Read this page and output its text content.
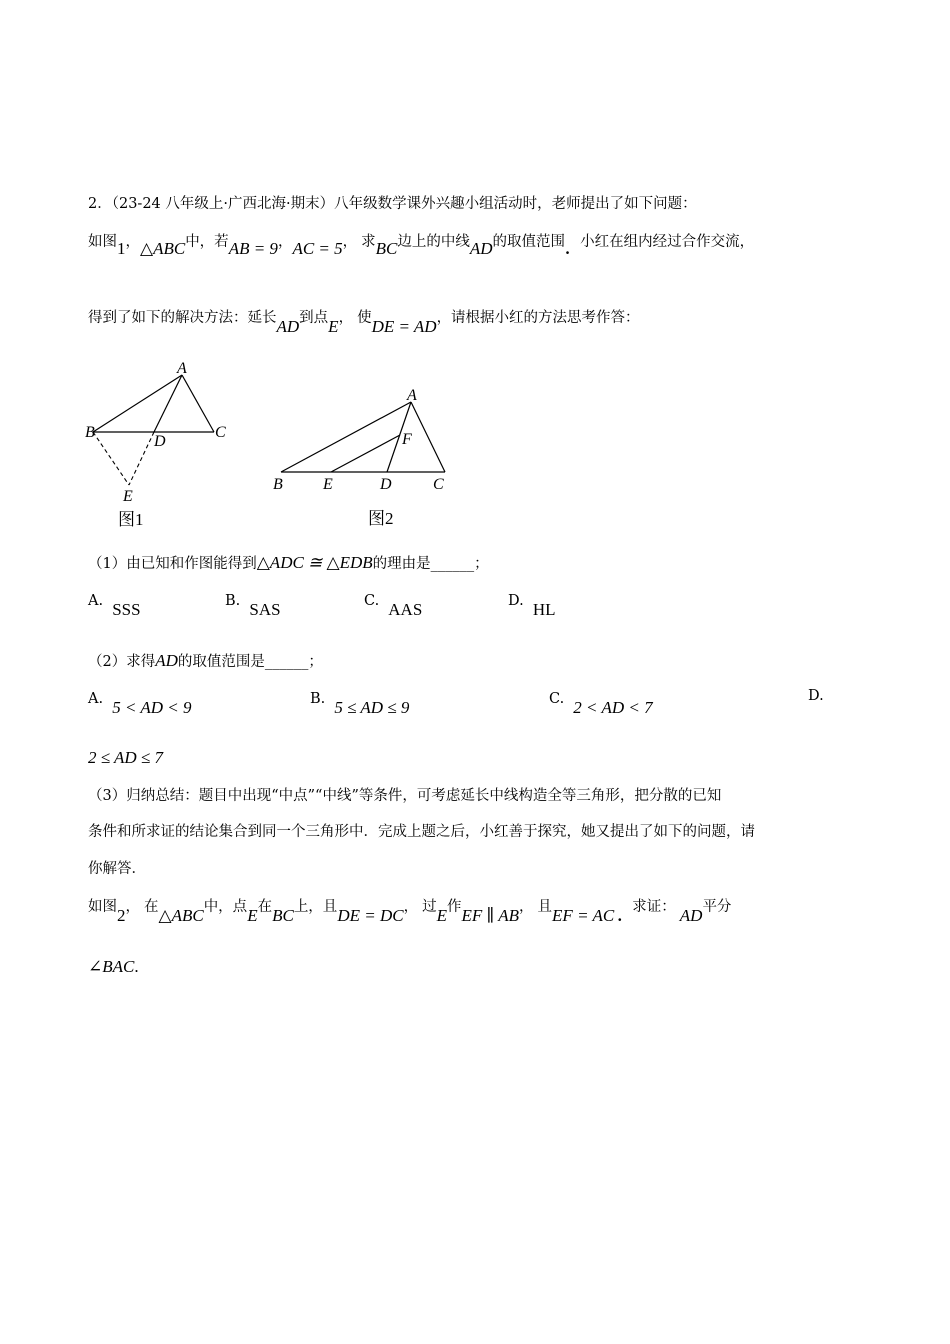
2．（23-24 八年级上·广西北海·期末）八年级数学课外兴趣小组活动时，老师提出了如下问题：
如图1，△ABC中，若AB = 9，AC = 5， 求BC边上的中线AD的取值范围. 小红在组内经过合作交流，
得到了如下的解决方法：延长AD到点E， 使DE = AD，请根据小红的方法思考作答：
A
B	C
D
E
图1
A
B	E	D	C
F
图2
（1）由已知和作图能得到△ADC ≅ △EDB的理由是______；
A. SSS	B. SAS	C. AAS	D. HL
（2）求得AD的取值范围是______；
A. 5 < AD < 9	B. 5 ≤ AD ≤ 9	C. 2 < AD < 7
D.
2 ≤ AD ≤ 7
（3）归纳总结：题目中出现“中点”“中线”等条件，可考虑延长中线构造全等三角形，把分散的已知
条件和所求证的结论集合到同一个三角形中．完成上题之后，小红善于探究，她又提出了如下的问题，请
你解答．
如图2， 在△ABC中，点E在BC上，且DE = DC， 过E作EF ∥ AB， 且EF = AC .求证： AD平分
∠BAC.
